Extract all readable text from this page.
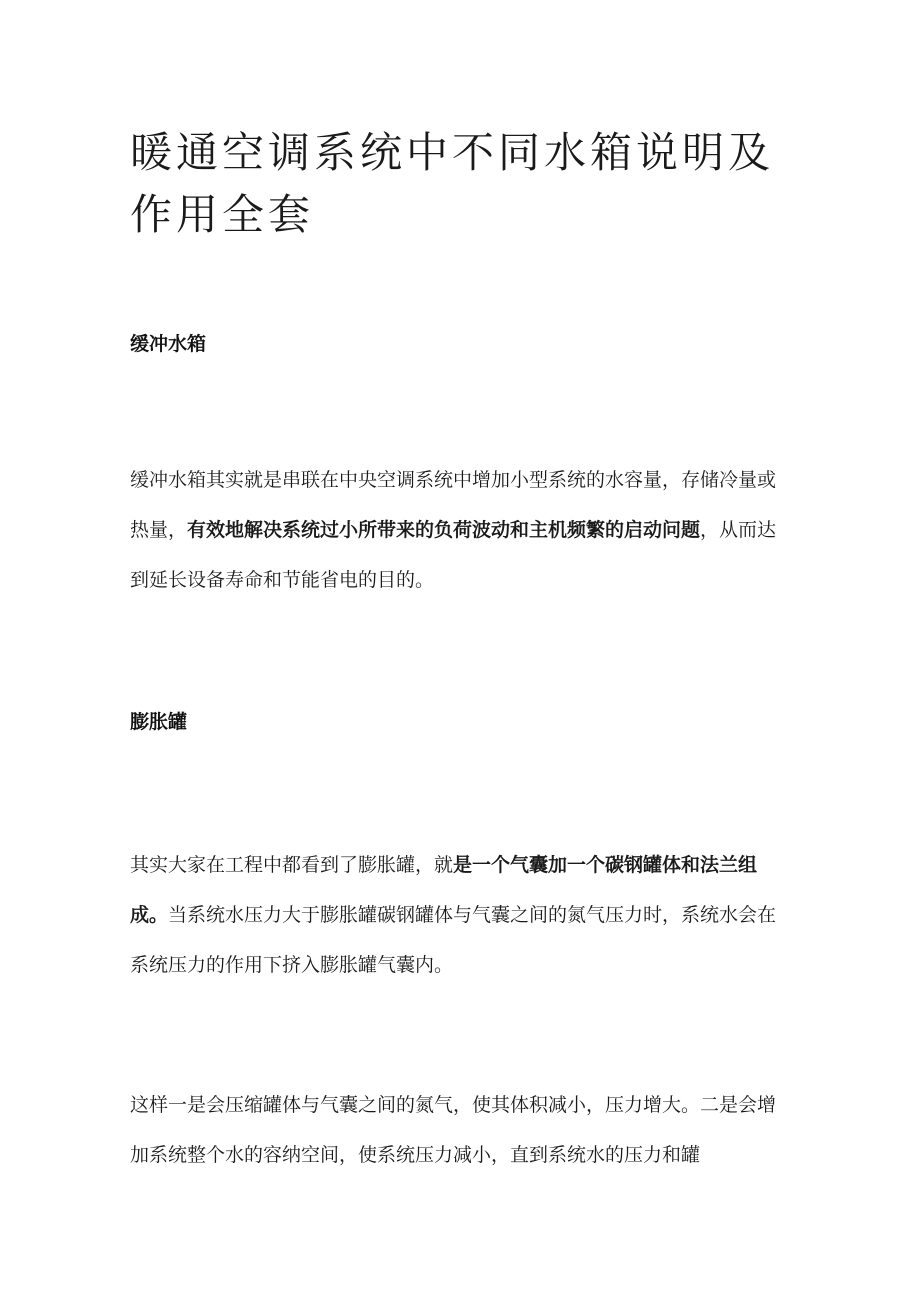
暖通空调系统中不同水箱说明及作用全套
缓冲水箱

缓冲水箱其实就是串联在中央空调系统中增加小型系统的水容量，存储冷量或热量，有效地解决系统过小所带来的负荷波动和主机频繁的启动问题，从而达到延长设备寿命和节能省电的目的。

膨胀罐

其实大家在工程中都看到了膨胀罐，就是一个气囊加一个碳钢罐体和法兰组成。当系统水压力大于膨胀罐碳钢罐体与气囊之间的氮气压力时，系统水会在系统压力的作用下挤入膨胀罐气囊内。

这样一是会压缩罐体与气囊之间的氮气，使其体积减小，压力增大。二是会增加系统整个水的容纳空间，使系统压力减小，直到系统水的压力和罐
